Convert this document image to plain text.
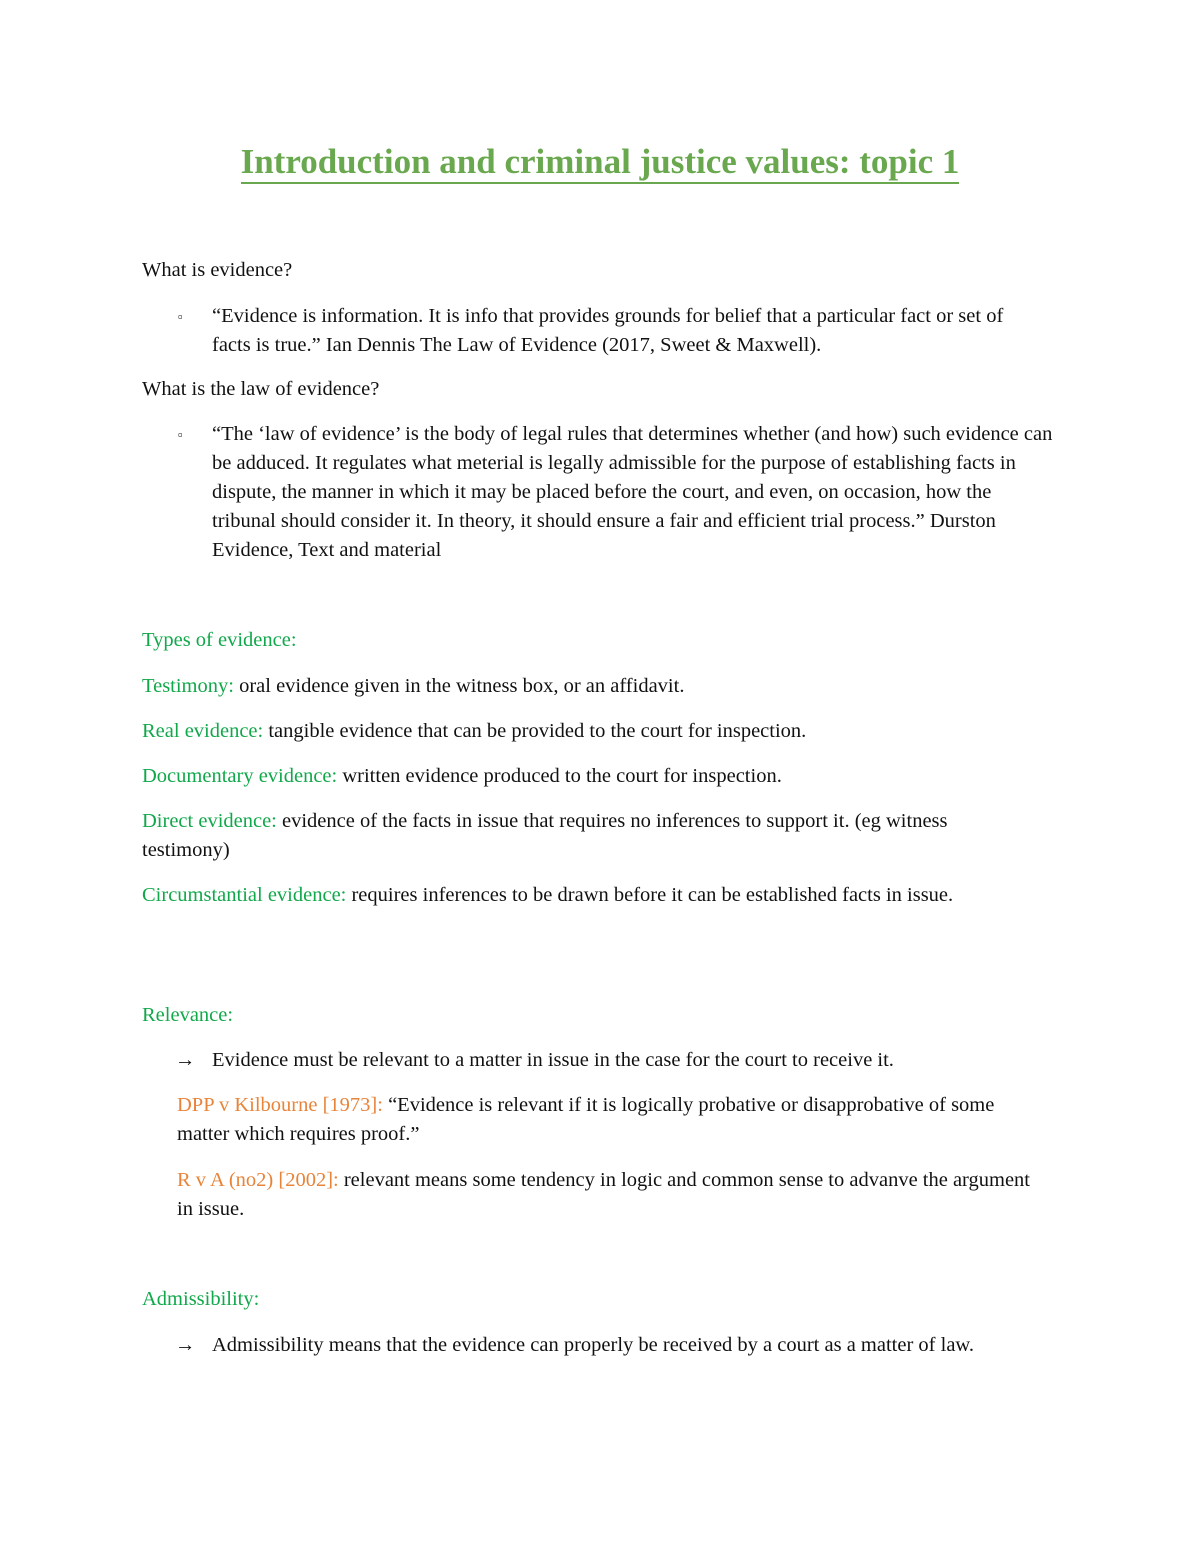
Introduction and criminal justice values: topic 1
What is evidence?
▫	“Evidence is information. It is info that provides grounds for belief that a particular fact or set of facts is true.” Ian Dennis The Law of Evidence (2017, Sweet & Maxwell).
What is the law of evidence?
▫	“The ‘law of evidence’ is the body of legal rules that determines whether (and how) such evidence can be adduced. It regulates what meterial is legally admissible for the purpose of establishing facts in dispute, the manner in which it may be placed before the court, and even, on occasion, how the tribunal should consider it. In theory, it should ensure a fair and efficient trial process.” Durston Evidence, Text and material
Types of evidence:
Testimony: oral evidence given in the witness box, or an affidavit.
Real evidence: tangible evidence that can be provided to the court for inspection.
Documentary evidence: written evidence produced to the court for inspection.
Direct evidence: evidence of the facts in issue that requires no inferences to support it. (eg witness testimony)
Circumstantial evidence: requires inferences to be drawn before it can be established facts in issue.
Relevance:
→ Evidence must be relevant to a matter in issue in the case for the court to receive it.
DPP v Kilbourne [1973]: “Evidence is relevant if it is logically probative or disapprobative of some matter which requires proof.”
R v A (no2) [2002]: relevant means some tendency in logic and common sense to advanve the argument in issue.
Admissibility:
→ Admissibility means that the evidence can properly be received by a court as a matter of law.
